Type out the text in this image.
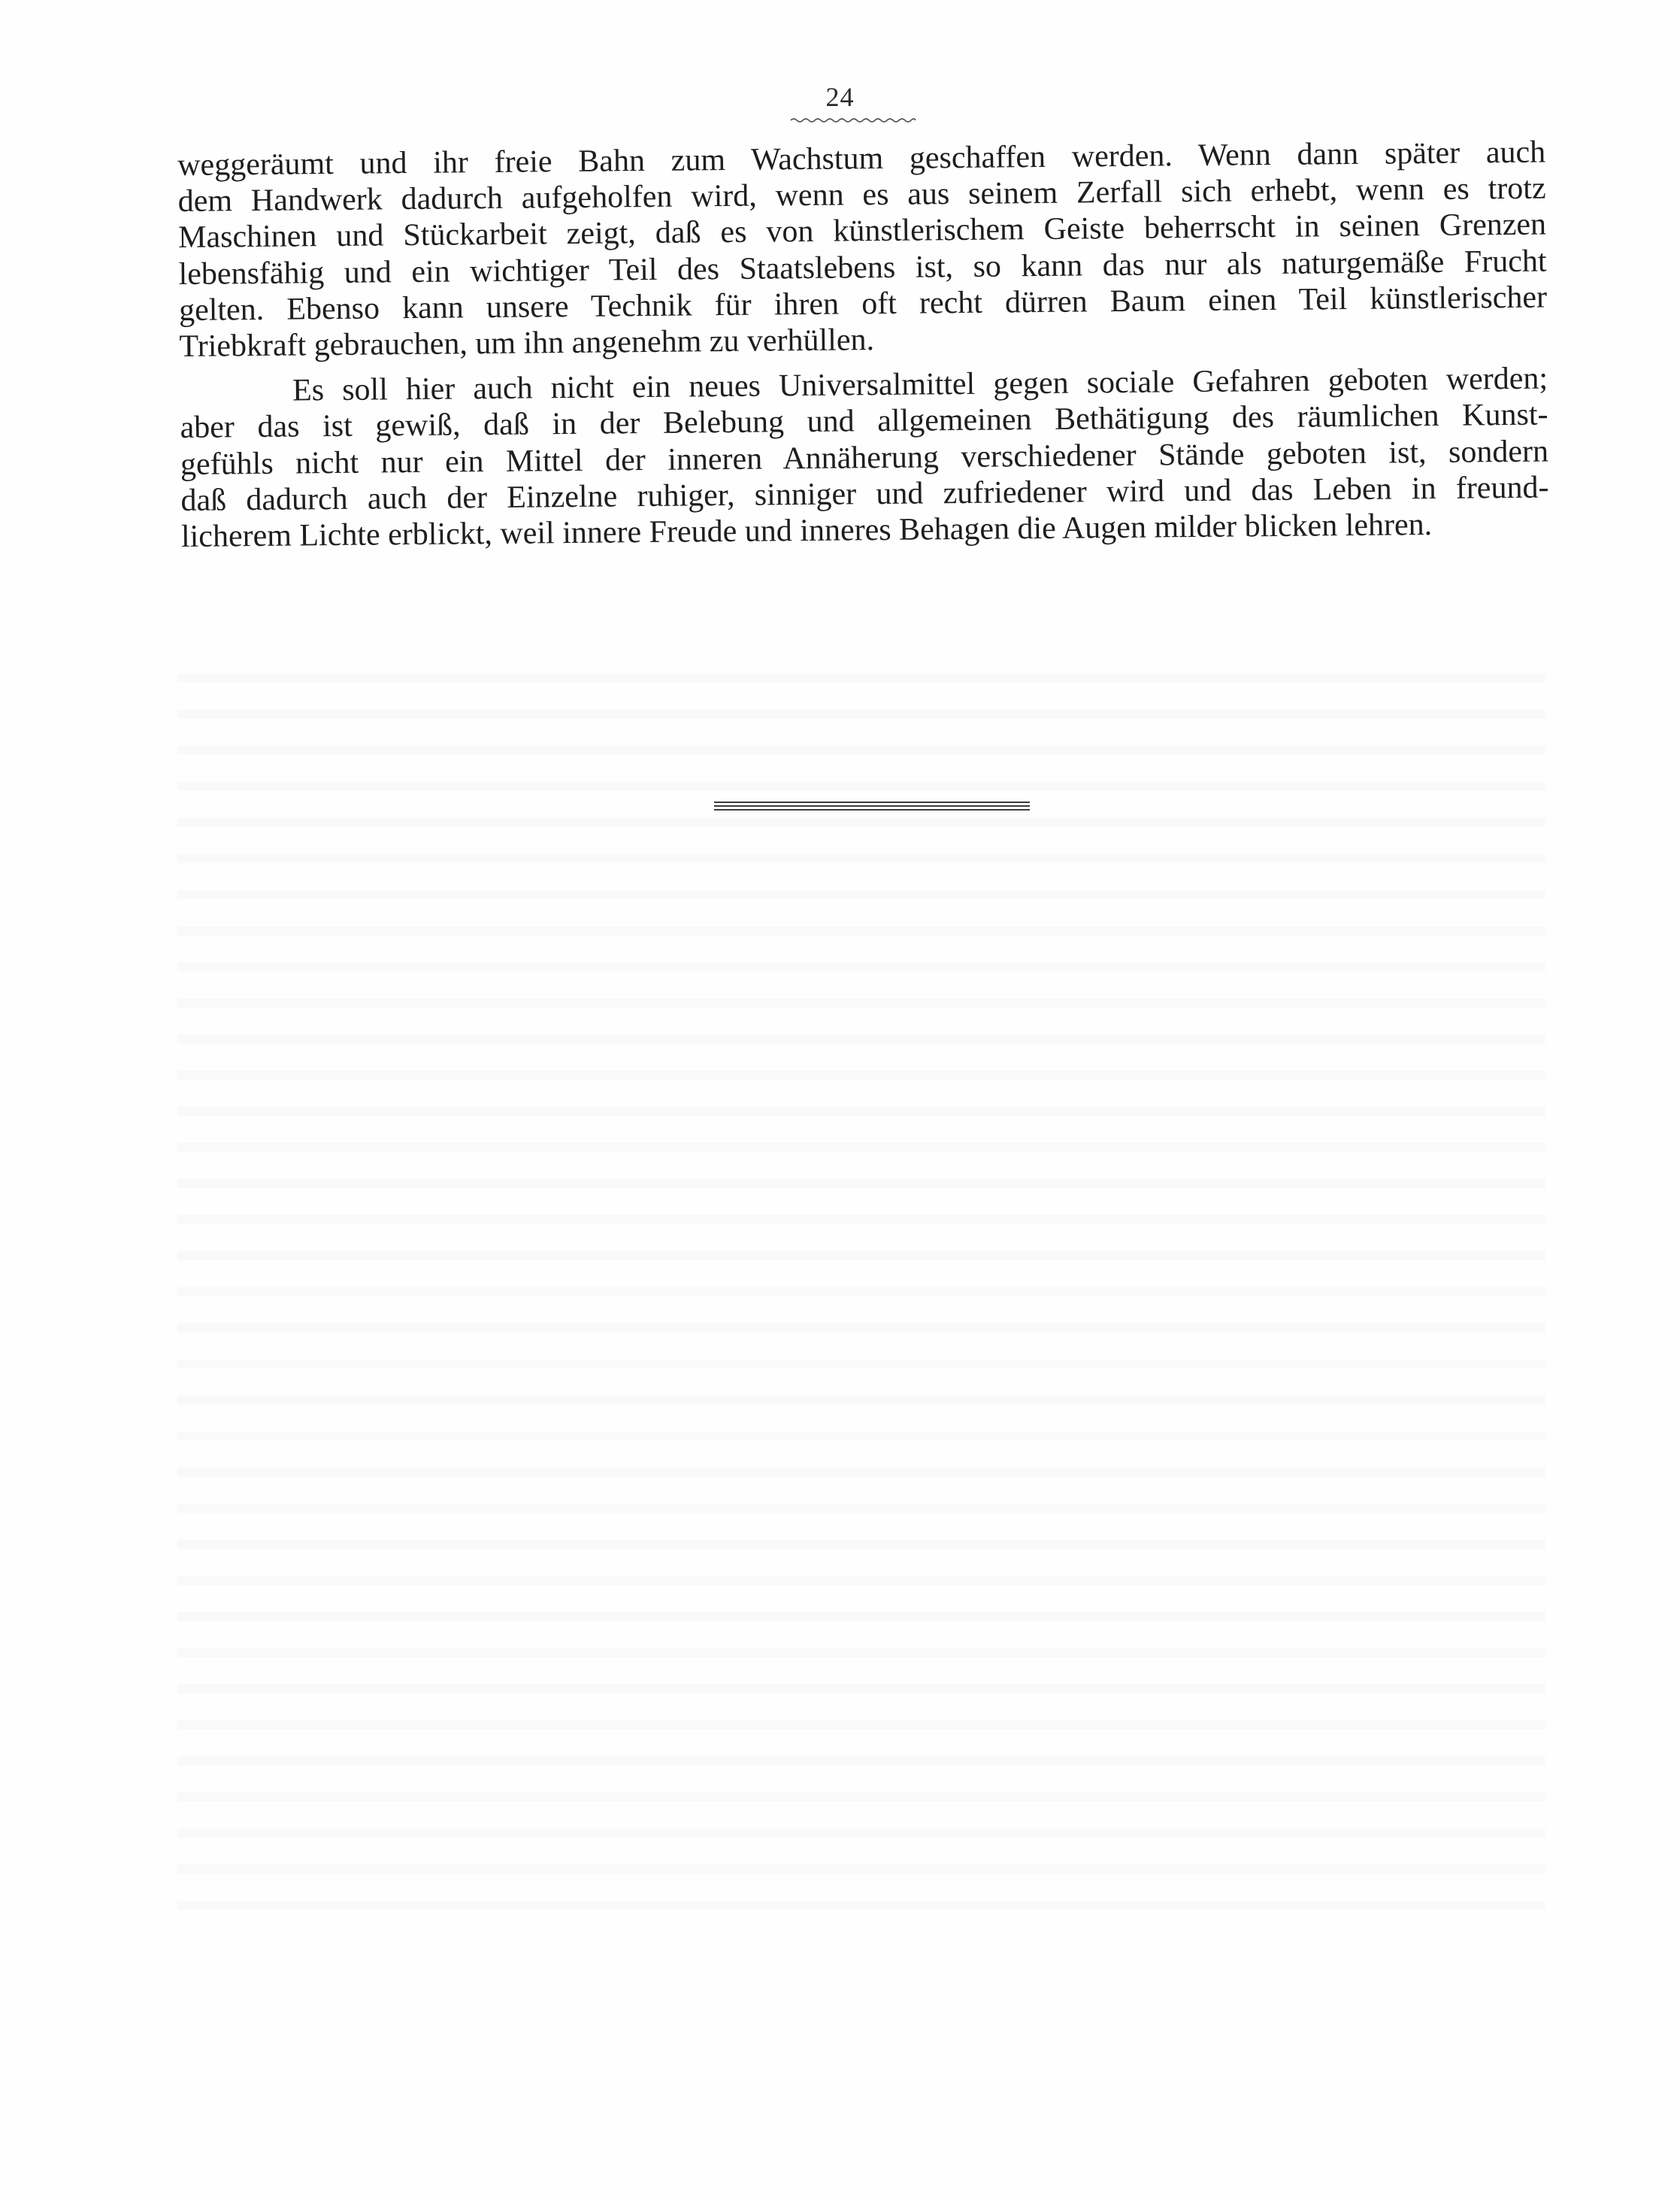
24

weggeräumt und ihr freie Bahn zum Wachstum geschaffen werden. Wenn dann später auch
dem Handwerk dadurch aufgeholfen wird, wenn es aus seinem Zerfall sich erhebt, wenn es trotz
Maschinen und Stückarbeit zeigt, daß es von künstlerischem Geiste beherrscht in seinen Grenzen
lebensfähig und ein wichtiger Teil des Staatslebens ist, so kann das nur als naturgemäße Frucht
gelten. Ebenso kann unsere Technik für ihren oft recht dürren Baum einen Teil künstlerischer
Triebkraft gebrauchen, um ihn angenehm zu verhüllen.

Es soll hier auch nicht ein neues Universalmittel gegen sociale Gefahren geboten werden;
aber das ist gewiß, daß in der Belebung und allgemeinen Bethätigung des räumlichen Kunst-
gefühls nicht nur ein Mittel der inneren Annäherung verschiedener Stände geboten ist, sondern
daß dadurch auch der Einzelne ruhiger, sinniger und zufriedener wird und das Leben in freund-
licherem Lichte erblickt, weil innere Freude und inneres Behagen die Augen milder blicken lehren.
